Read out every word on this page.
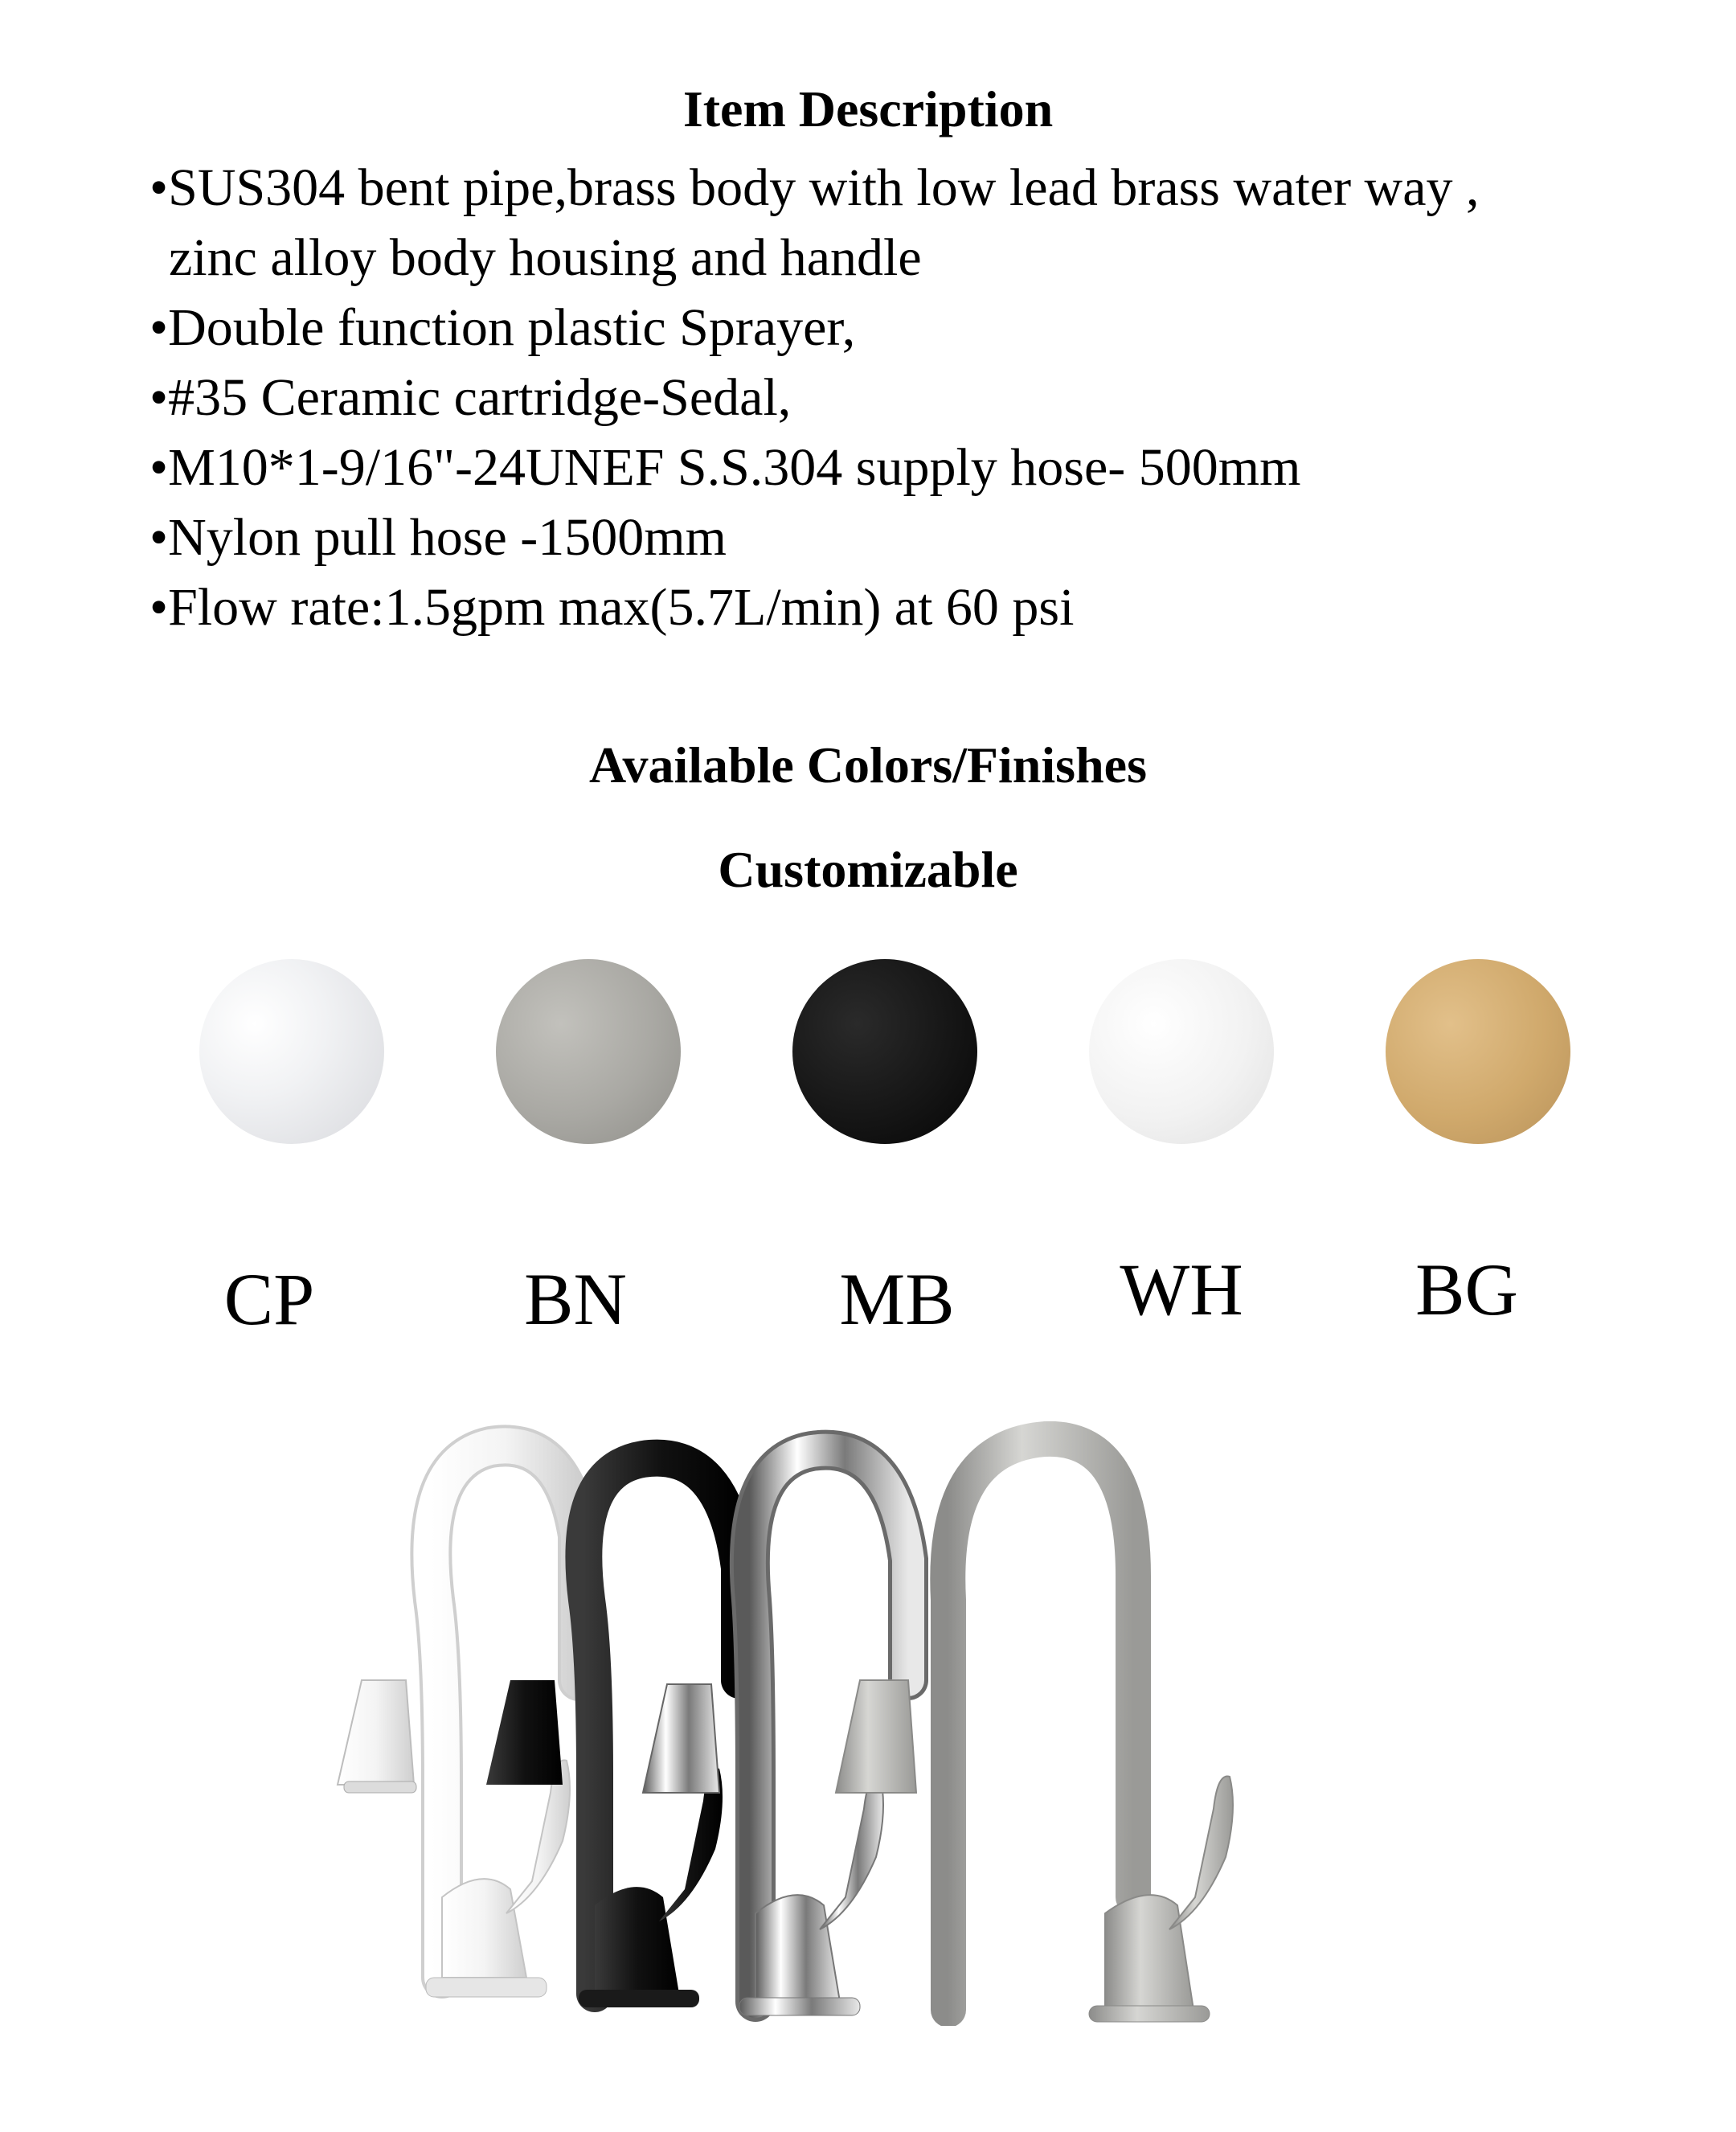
Item Description
•SUS304 bent pipe,brass body with low lead brass water way ,
zinc alloy body housing and handle
•Double function plastic Sprayer,
•#35 Ceramic cartridge-Sedal,
•M10*1-9/16"-24UNEF S.S.304 supply hose- 500mm
•Nylon pull hose -1500mm
•Flow rate:1.5gpm max(5.7L/min) at 60 psi
Available Colors/Finishes
Customizable
CP	BN	MB	WH	BG
